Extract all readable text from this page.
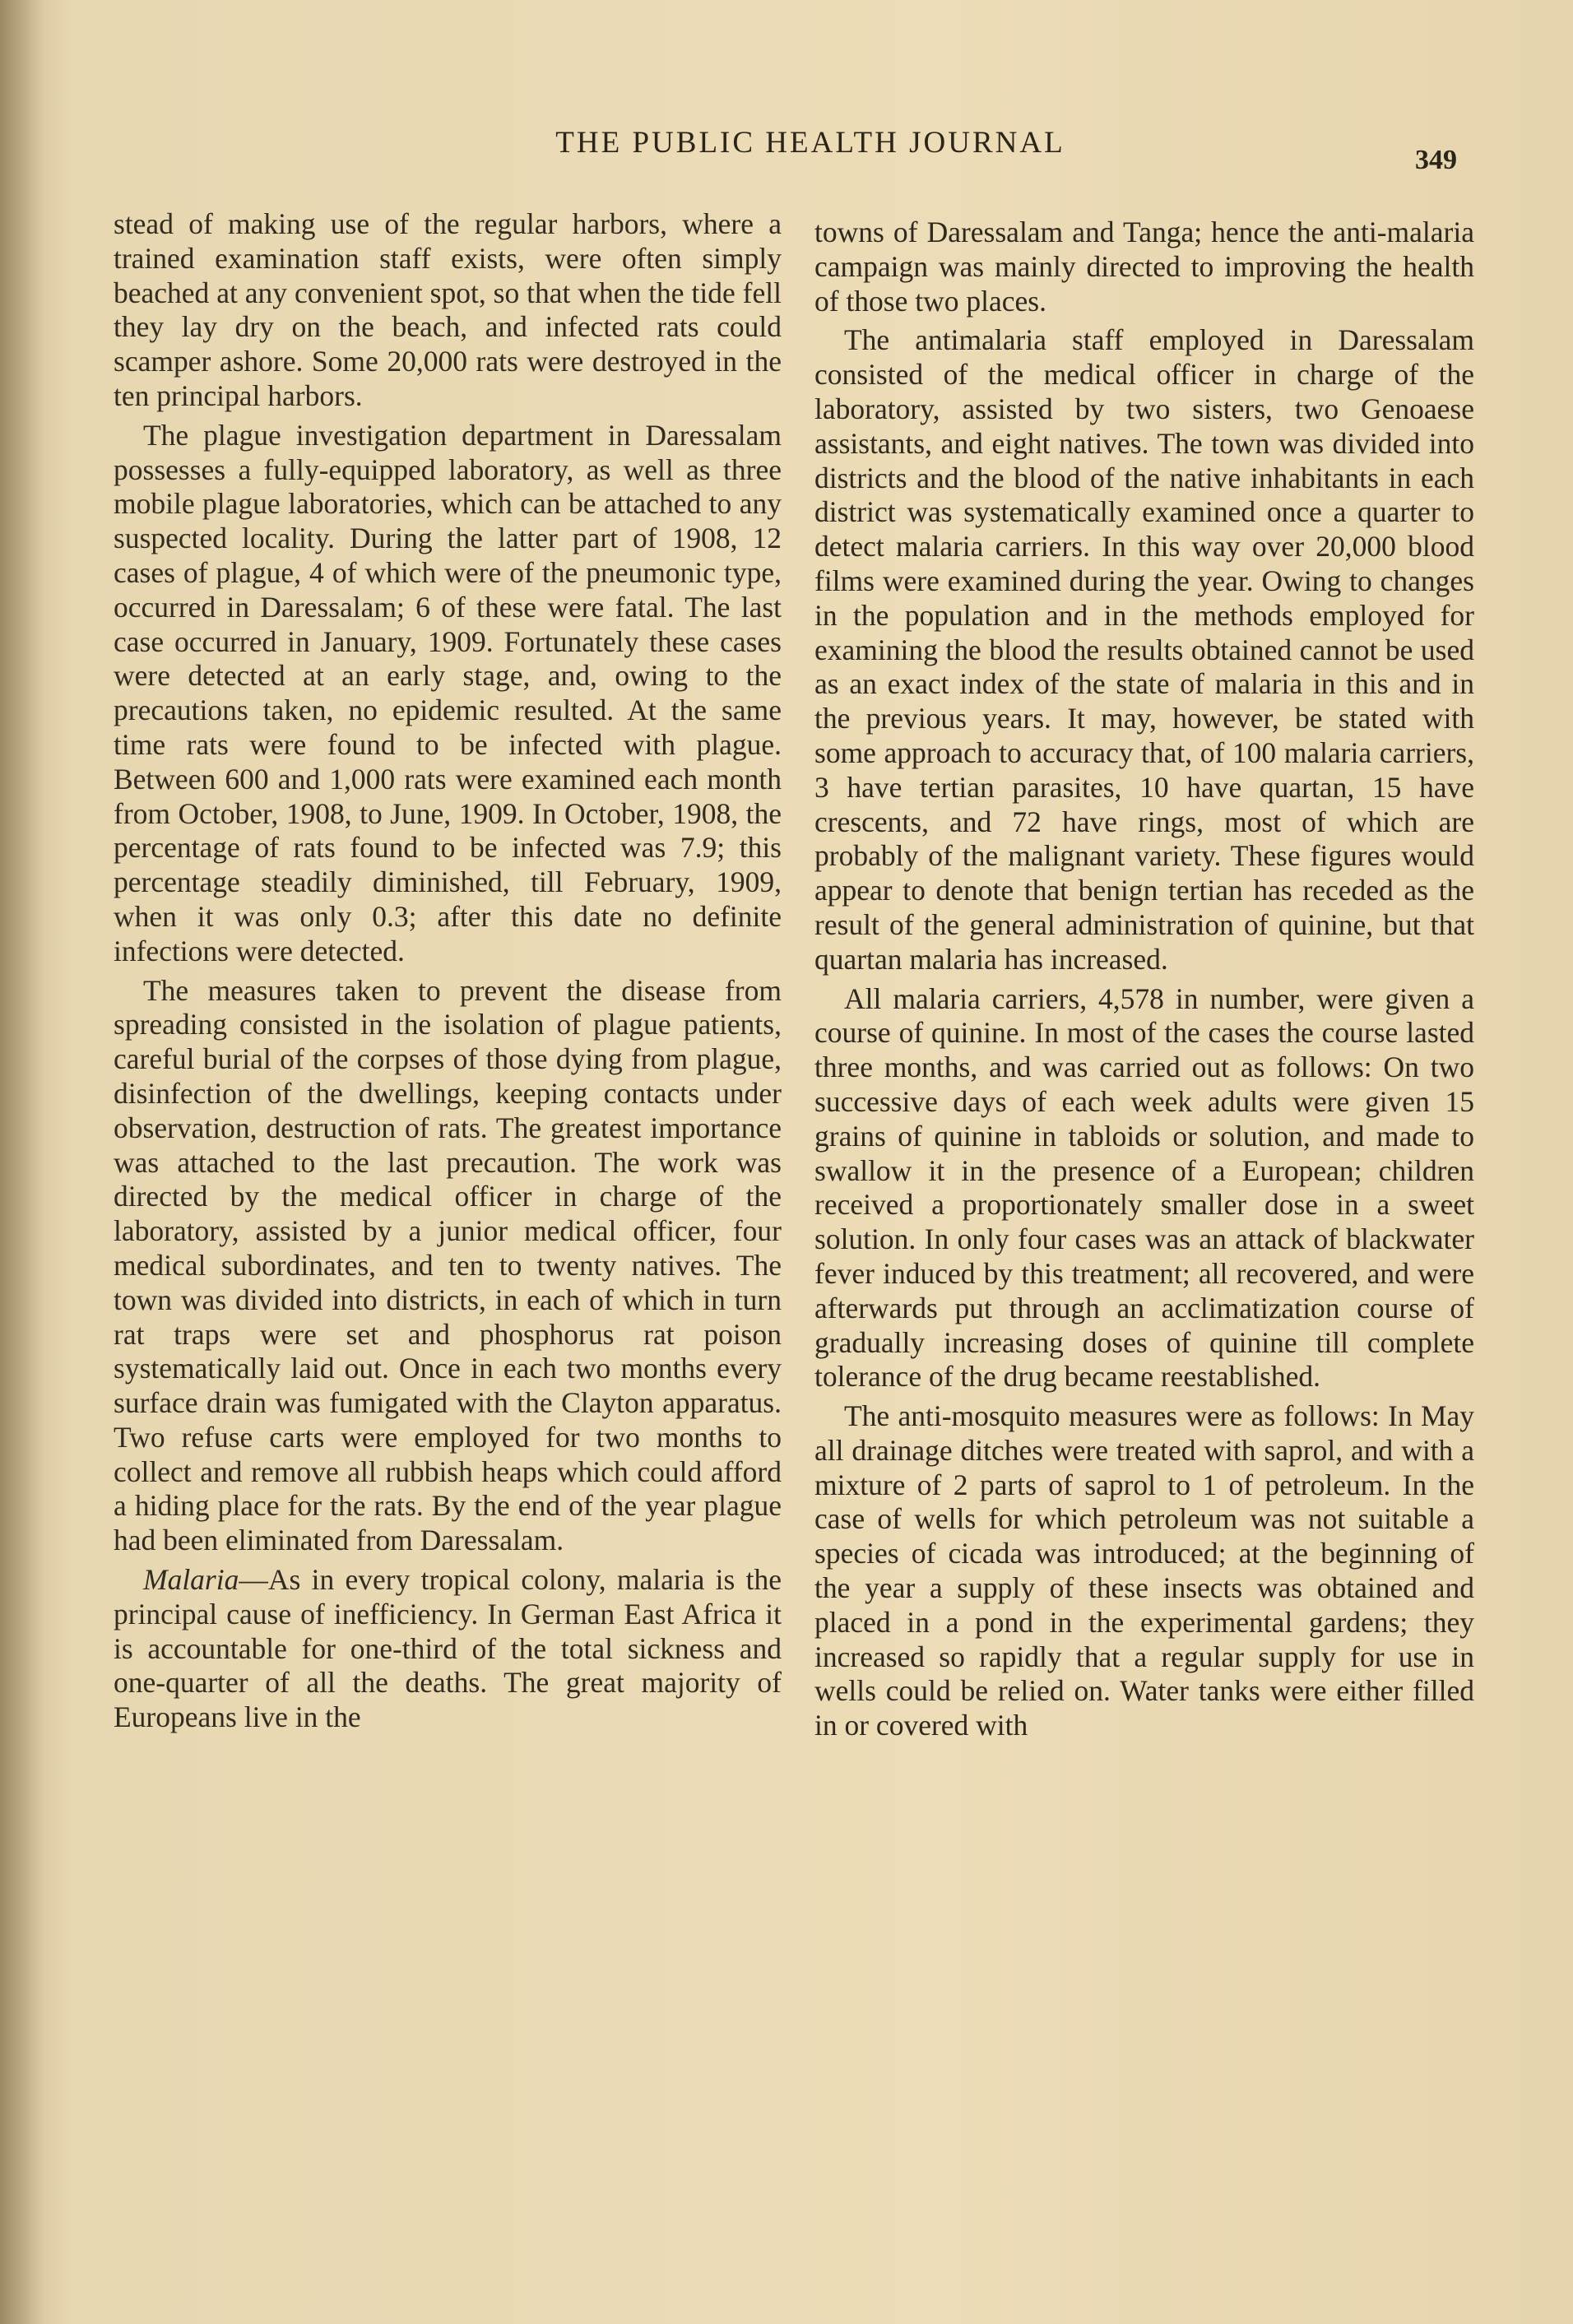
THE PUBLIC HEALTH JOURNAL
349

stead of making use of the regular harbors, where a trained examination staff exists, were often simply beached at any convenient spot, so that when the tide fell they lay dry on the beach, and infected rats could scamper ashore. Some 20,000 rats were destroyed in the ten principal harbors.

The plague investigation department in Daressalam possesses a fully-equipped laboratory, as well as three mobile plague laboratories, which can be attached to any suspected locality. During the latter part of 1908, 12 cases of plague, 4 of which were of the pneumonic type, occurred in Daressalam; 6 of these were fatal. The last case occurred in January, 1909. Fortunately these cases were detected at an early stage, and, owing to the precautions taken, no epidemic resulted. At the same time rats were found to be infected with plague. Between 600 and 1,000 rats were examined each month from October, 1908, to June, 1909. In October, 1908, the percentage of rats found to be infected was 7.9; this percentage steadily diminished, till February, 1909, when it was only 0.3; after this date no definite infections were detected.

The measures taken to prevent the disease from spreading consisted in the isolation of plague patients, careful burial of the corpses of those dying from plague, disinfection of the dwellings, keeping contacts under observation, destruction of rats. The greatest importance was attached to the last precaution. The work was directed by the medical officer in charge of the laboratory, assisted by a junior medical officer, four medical subordinates, and ten to twenty natives. The town was divided into districts, in each of which in turn rat traps were set and phosphorus rat poison systematically laid out. Once in each two months every surface drain was fumigated with the Clayton apparatus. Two refuse carts were employed for two months to collect and remove all rubbish heaps which could afford a hiding place for the rats. By the end of the year plague had been eliminated from Daressalam.

Malaria—As in every tropical colony, malaria is the principal cause of inefficiency. In German East Africa it is accountable for one-third of the total sickness and one-quarter of all the deaths. The great majority of Europeans live in the

towns of Daressalam and Tanga; hence the anti-malaria campaign was mainly directed to improving the health of those two places.

The antimalaria staff employed in Daressalam consisted of the medical officer in charge of the laboratory, assisted by two sisters, two Genoaese assistants, and eight natives. The town was divided into districts and the blood of the native inhabitants in each district was systematically examined once a quarter to detect malaria carriers. In this way over 20,000 blood films were examined during the year. Owing to changes in the population and in the methods employed for examining the blood the results obtained cannot be used as an exact index of the state of malaria in this and in the previous years. It may, however, be stated with some approach to accuracy that, of 100 malaria carriers, 3 have tertian parasites, 10 have quartan, 15 have crescents, and 72 have rings, most of which are probably of the malignant variety. These figures would appear to denote that benign tertian has receded as the result of the general administration of quinine, but that quartan malaria has increased.

All malaria carriers, 4,578 in number, were given a course of quinine. In most of the cases the course lasted three months, and was carried out as follows: On two successive days of each week adults were given 15 grains of quinine in tabloids or solution, and made to swallow it in the presence of a European; children received a proportionately smaller dose in a sweet solution. In only four cases was an attack of blackwater fever induced by this treatment; all recovered, and were afterwards put through an acclimatization course of gradually increasing doses of quinine till complete tolerance of the drug became reestablished.

The anti-mosquito measures were as follows: In May all drainage ditches were treated with saprol, and with a mixture of 2 parts of saprol to 1 of petroleum. In the case of wells for which petroleum was not suitable a species of cicada was introduced; at the beginning of the year a supply of these insects was obtained and placed in a pond in the experimental gardens; they increased so rapidly that a regular supply for use in wells could be relied on. Water tanks were either filled in or covered with
